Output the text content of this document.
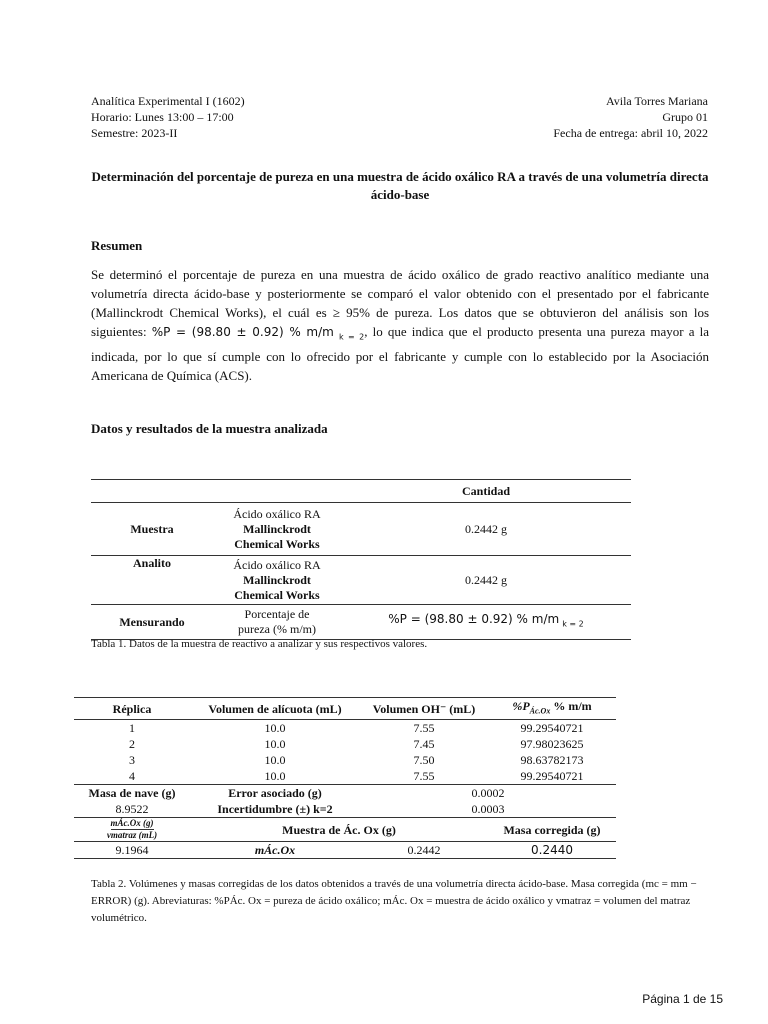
Analítica Experimental I (1602)
Horario: Lunes 13:00 – 17:00
Semestre: 2023-II
Avila Torres Mariana
Grupo 01
Fecha de entrega: abril 10, 2022
Determinación del porcentaje de pureza en una muestra de ácido oxálico RA a través de una volumetría directa ácido-base
Resumen
Se determinó el porcentaje de pureza en una muestra de ácido oxálico de grado reactivo analítico mediante una volumetría directa ácido-base y posteriormente se comparó el valor obtenido con el presentado por el fabricante (Mallinckrodt Chemical Works), el cuál es ≥ 95% de pureza. Los datos que se obtuvieron del análisis son los siguientes: %P = (98.80 ± 0.92) % m/m $_{k = 2}$, lo que indica que el producto presenta una pureza mayor a la indicada, por lo que sí cumple con lo ofrecido por el fabricante y cumple con lo establecido por la Asociación Americana de Química (ACS).
Datos y resultados de la muestra analizada
		Cantidad
Muestra	Ácido oxálico RA
Mallinckrodt
Chemical Works	0.2442 g
Analito	Ácido oxálico RA
Mallinckrodt
Chemical Works	0.2442 g
Mensurando	Porcentaje de
pureza (% m/m)	%P = (98.80 ± 0.92) % m/m $_{k = 2}$
Tabla 1. Datos de la muestra de reactivo a analizar y sus respectivos valores.
Réplica	Volumen de alícuota (mL)	Volumen OH⁻ (mL)	$\%P_{Ác.Ox}$ % m/m
1	10.0	7.55	99.29540721
2	10.0	7.45	97.98023625
3	10.0	7.50	98.63782173
4	10.0	7.55	99.29540721
Masa de nave (g)	Error asociado (g)	0.0002	
8.9522	Incertidumbre (±) k=2	0.0003	
mÁc.Ox (g)
vmatraz (mL)	Muestra de Ác. Ox (g)		Masa corregida (g)
9.1964	mÁc.Ox	0.2442	0.2440
Tabla 2. Volúmenes y masas corregidas de los datos obtenidos a través de una volumetría directa ácido-base. Masa corregida (mc = mm − ERROR) (g). Abreviaturas: %PÁc. Ox = pureza de ácido oxálico; mÁc. Ox = muestra de ácido oxálico y vmatraz = volumen del matraz volumétrico.
Página 1 de 15
